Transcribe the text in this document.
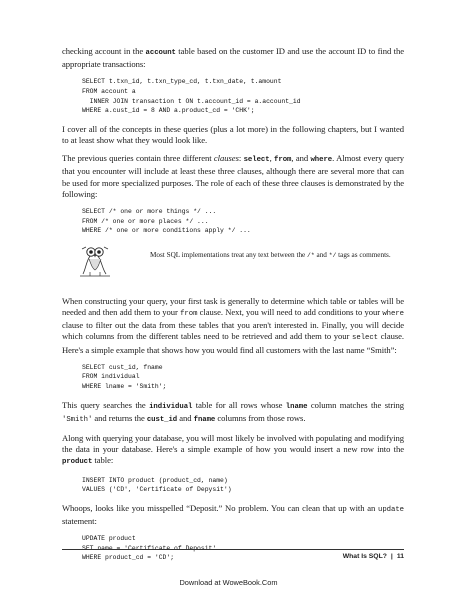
checking account in the account table based on the customer ID and use the account ID to find the appropriate transactions:

SELECT t.txn_id, t.txn_type_cd, t.txn_date, t.amount
FROM account a
INNER JOIN transaction t ON t.account_id = a.account_id
WHERE a.cust_id = 8 AND a.product_cd = 'CHK';

I cover all of the concepts in these queries (plus a lot more) in the following chapters, but I wanted to at least show what they would look like.

The previous queries contain three different clauses: select, from, and where. Almost every query that you encounter will include at least these three clauses, although there are several more that can be used for more specialized purposes. The role of each of these three clauses is demonstrated by the following:

SELECT /* one or more things */ ...
FROM /* one or more places */ ...
WHERE /* one or more conditions apply */ ...
Most SQL implementations treat any text between the /* and */ tags as comments.

When constructing your query, your first task is generally to determine which table or tables will be needed and then add them to your from clause. Next, you will need to add conditions to your where clause to filter out the data from these tables that you aren't interested in. Finally, you will decide which columns from the different tables need to be retrieved and add them to your select clause. Here's a simple example that shows how you would find all customers with the last name “Smith”:

SELECT cust_id, fname
FROM individual
WHERE lname = 'Smith';

This query searches the individual table for all rows whose lname column matches the string 'Smith' and returns the cust_id and fname columns from those rows.

Along with querying your database, you will most likely be involved with populating and modifying the data in your database. Here's a simple example of how you would insert a new row into the product table:

INSERT INTO product (product_cd, name)
VALUES ('CD', 'Certificate of Depysit')

Whoops, looks like you misspelled “Deposit.” No problem. You can clean that up with an update statement:

UPDATE product
SET name = 'Certificate of Deposit'
WHERE product_cd = 'CD';	What Is SQL? | 11
Download at WoweBook.Com
